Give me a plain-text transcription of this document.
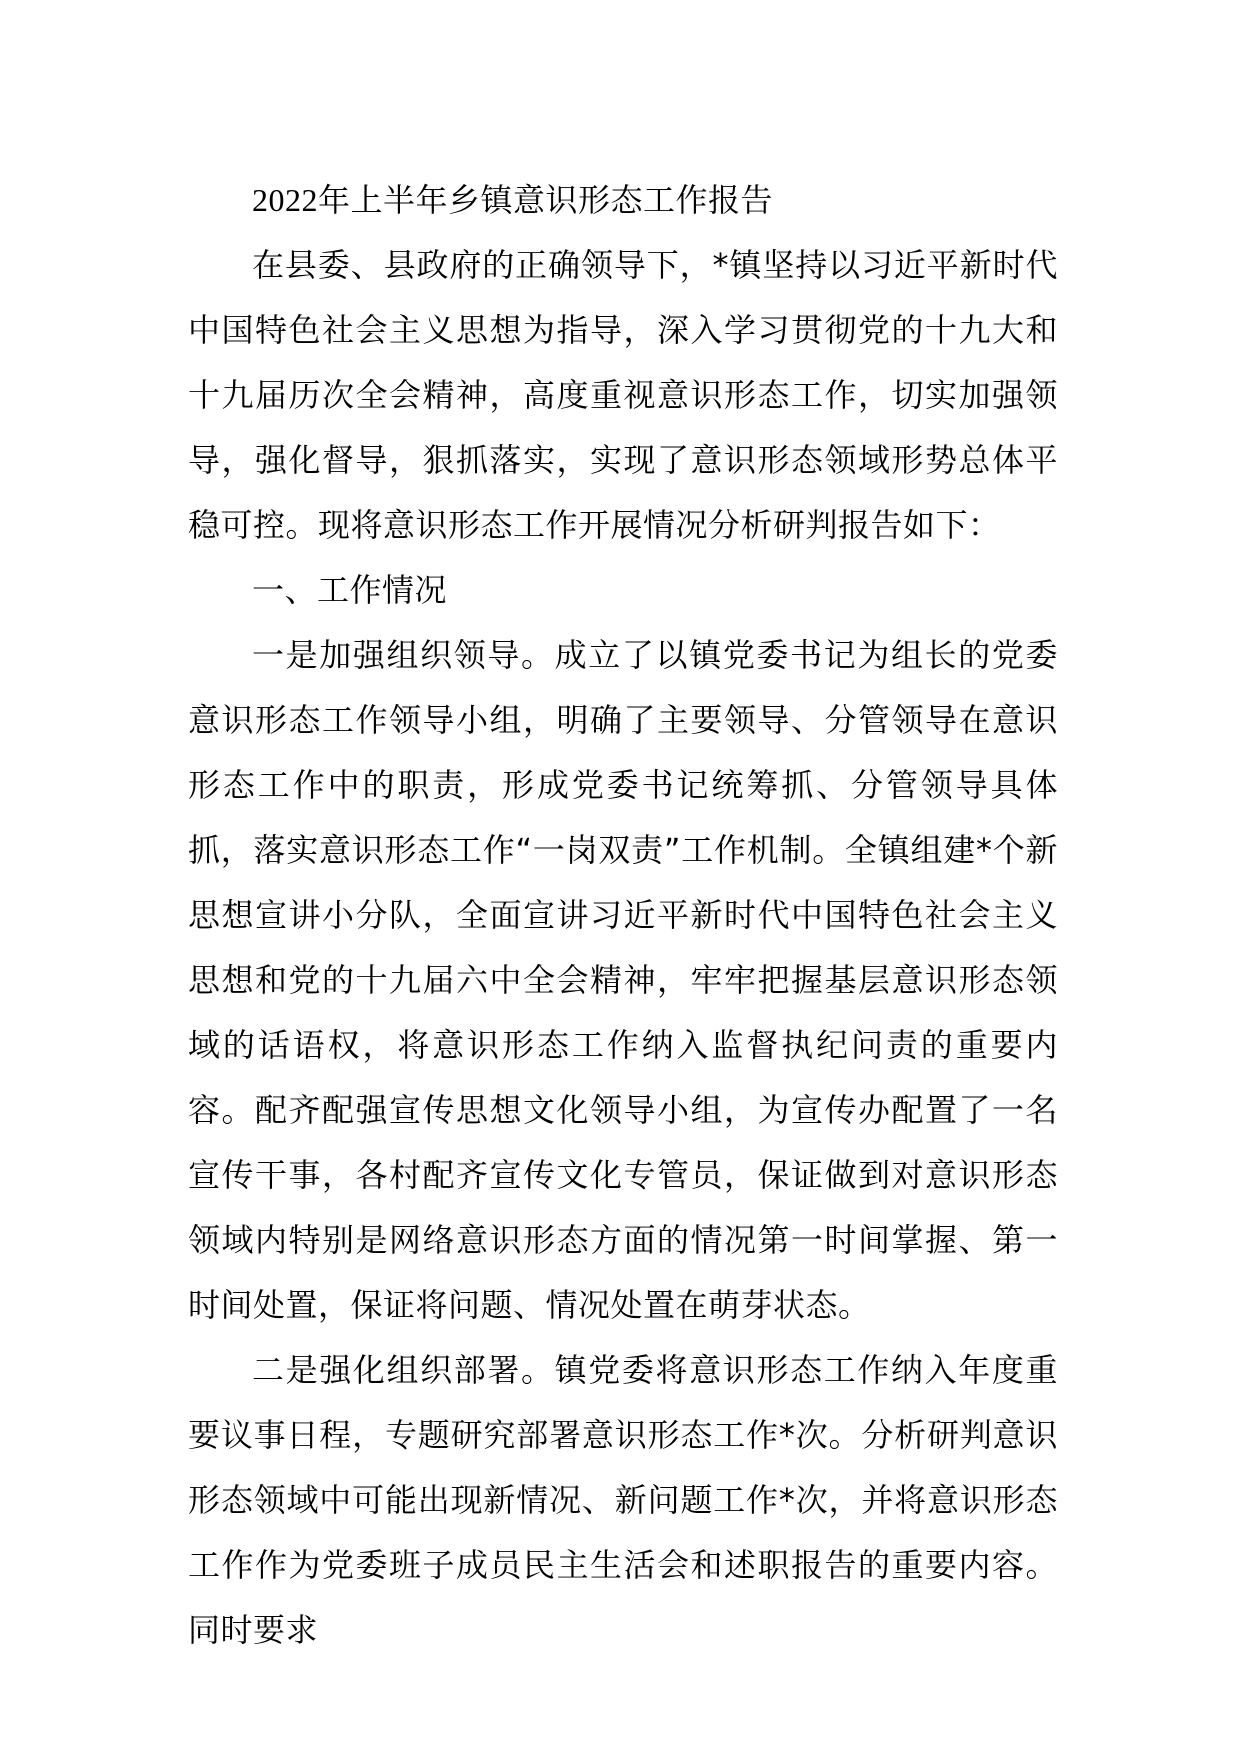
2022年上半年乡镇意识形态工作报告

在县委、县政府的正确领导下，*镇坚持以习近平新时代中国特色社会主义思想为指导，深入学习贯彻党的十九大和十九届历次全会精神，高度重视意识形态工作，切实加强领导，强化督导，狠抓落实，实现了意识形态领域形势总体平稳可控。现将意识形态工作开展情况分析研判报告如下：

一、工作情况

一是加强组织领导。成立了以镇党委书记为组长的党委意识形态工作领导小组，明确了主要领导、分管领导在意识形态工作中的职责，形成党委书记统筹抓、分管领导具体抓，落实意识形态工作“一岗双责”工作机制。全镇组建*个新思想宣讲小分队，全面宣讲习近平新时代中国特色社会主义思想和党的十九届六中全会精神，牢牢把握基层意识形态领域的话语权，将意识形态工作纳入监督执纪问责的重要内容。配齐配强宣传思想文化领导小组，为宣传办配置了一名宣传干事，各村配齐宣传文化专管员，保证做到对意识形态领域内特别是网络意识形态方面的情况第一时间掌握、第一时间处置，保证将问题、情况处置在萌芽状态。

二是强化组织部署。镇党委将意识形态工作纳入年度重要议事日程，专题研究部署意识形态工作*次。分析研判意识形态领域中可能出现新情况、新问题工作*次，并将意识形态工作作为党委班子成员民主生活会和述职报告的重要内容。同时要求
